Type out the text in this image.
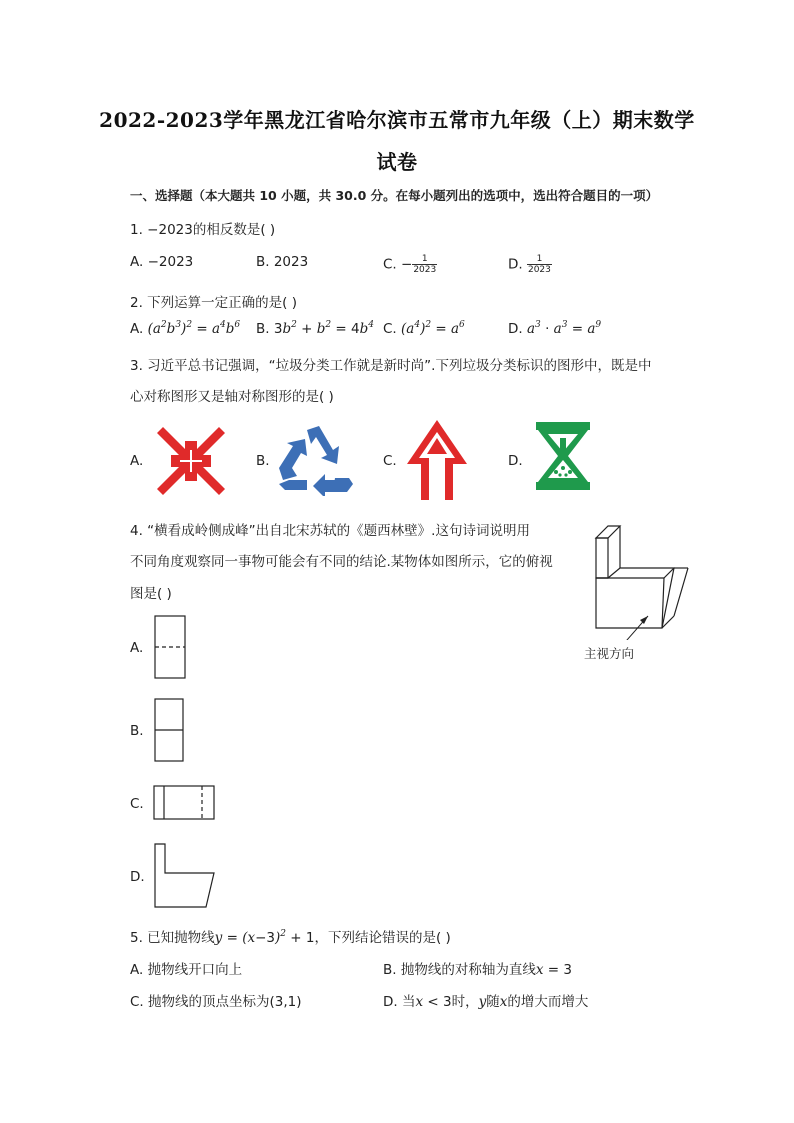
2022-2023学年黑龙江省哈尔滨市五常市九年级（上）期末数学
试卷
一、选择题（本大题共 10 小题，共 30.0 分。在每小题列出的选项中，选出符合题目的一项）
1. −2023的相反数是( )
A. −2023	B. 2023	C. − $\frac{1}{2023}$	D. $\frac{1}{2023}$
2. 下列运算一定正确的是( )
A. $(a^2b^3)^2 = a^4b^6$ B. $3b^2 + b^2 = 4b^4$ C. $(a^4)^2 = a^6$	D. $a^3 \cdot a^3 = a^9$
3. 习近平总书记强调，“垃圾分类工作就是新时尚”.下列垃圾分类标识的图形中，既是中
心对称图形又是轴对称图形的是( )
A.	B.	C.	D.
4. “横看成岭侧成峰”出自北宋苏轼的《题西林壁》.这句诗词说明用
不同角度观察同一事物可能会有不同的结论.某物体如图所示，它的俯视
图是( )
主视方向
A.
B.
C.
D.
5. 已知抛物线$y = (x-3)^2 + 1$，下列结论错误的是( )
A. 抛物线开口向上	B. 抛物线的对称轴为直线x = 3
C. 抛物线的顶点坐标为(3,1)	D. 当x < 3时，y随x的增大而增大
